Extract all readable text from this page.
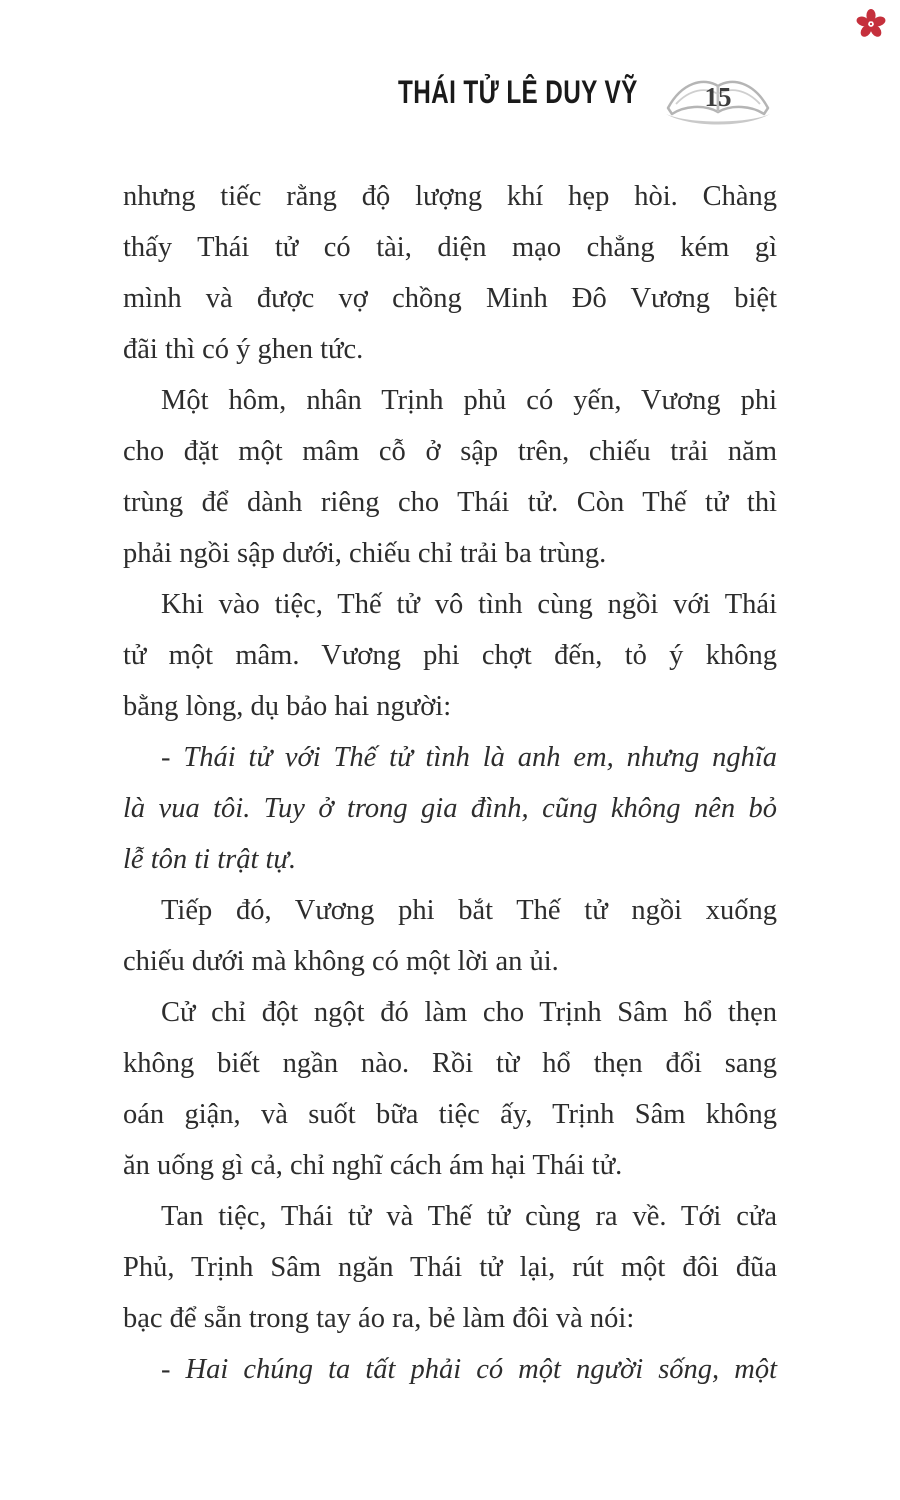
THÁI TỬ LÊ DUY VỸ 15
nhưng tiếc rằng độ lượng khí hẹp hòi. Chàng
thấy Thái tử có tài, diện mạo chẳng kém gì
mình và được vợ chồng Minh Đô Vương biệt
đãi thì có ý ghen tức.
Một hôm, nhân Trịnh phủ có yến, Vương phi
cho đặt một mâm cỗ ở sập trên, chiếu trải năm
trùng để dành riêng cho Thái tử. Còn Thế tử thì
phải ngồi sập dưới, chiếu chỉ trải ba trùng.
Khi vào tiệc, Thế tử vô tình cùng ngồi với Thái
tử một mâm. Vương phi chợt đến, tỏ ý không
bằng lòng, dụ bảo hai người:
- Thái tử với Thế tử tình là anh em, nhưng nghĩa
là vua tôi. Tuy ở trong gia đình, cũng không nên bỏ
lễ tôn ti trật tự.
Tiếp đó, Vương phi bắt Thế tử ngồi xuống
chiếu dưới mà không có một lời an ủi.
Cử chỉ đột ngột đó làm cho Trịnh Sâm hổ thẹn
không biết ngần nào. Rồi từ hổ thẹn đổi sang
oán giận, và suốt bữa tiệc ấy, Trịnh Sâm không
ăn uống gì cả, chỉ nghĩ cách ám hại Thái tử.
Tan tiệc, Thái tử và Thế tử cùng ra về. Tới cửa
Phủ, Trịnh Sâm ngăn Thái tử lại, rút một đôi đũa
bạc để sẵn trong tay áo ra, bẻ làm đôi và nói:
- Hai chúng ta tất phải có một người sống, một
